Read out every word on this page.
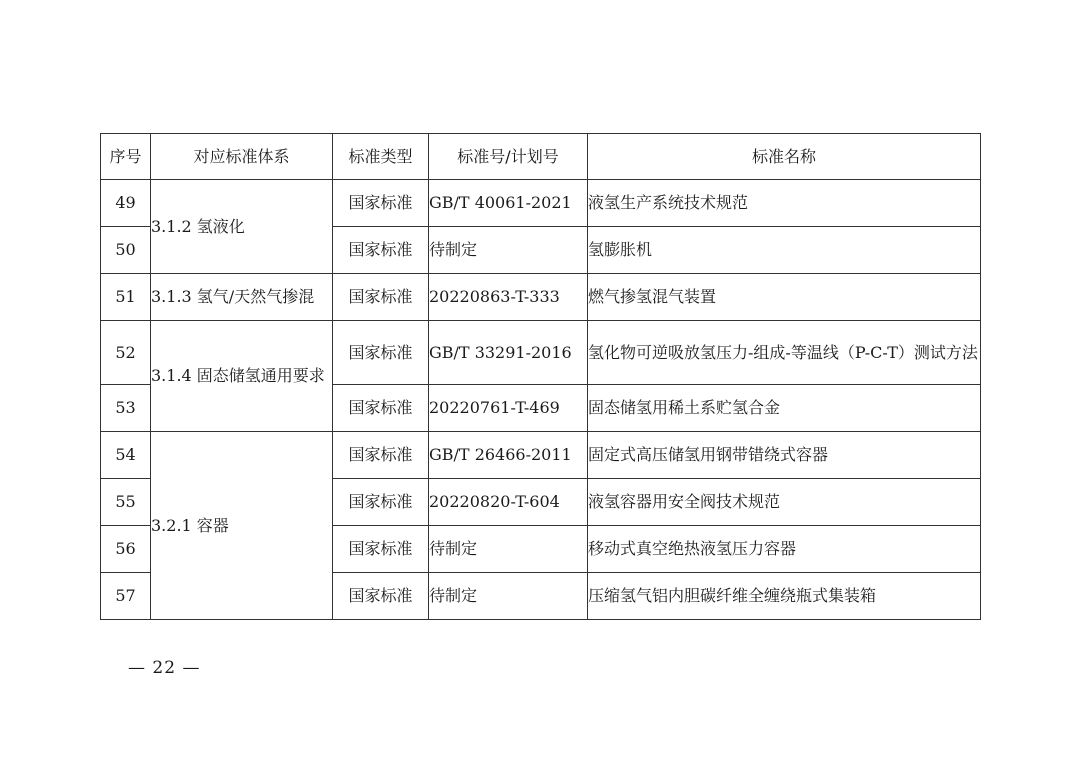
序号	对应标准体系	标准类型	标准号/计划号	标准名称
49	3.1.2 氢液化	国家标准	GB/T 40061-2021	液氢生产系统技术规范
50		国家标准	待制定	氢膨胀机
51	3.1.3 氢气/天然气掺混	国家标准	20220863-T-333	燃气掺氢混气装置
52	3.1.4 固态储氢通用要求	国家标准	GB/T 33291-2016	氢化物可逆吸放氢压力-组成-等温线（P-C-T）测试方法
53		国家标准	20220761-T-469	固态储氢用稀土系贮氢合金
54	3.2.1 容器	国家标准	GB/T 26466-2011	固定式高压储氢用钢带错绕式容器
55		国家标准	20220820-T-604	液氢容器用安全阀技术规范
56		国家标准	待制定	移动式真空绝热液氢压力容器
57		国家标准	待制定	压缩氢气铝内胆碳纤维全缠绕瓶式集装箱
— 22 —
